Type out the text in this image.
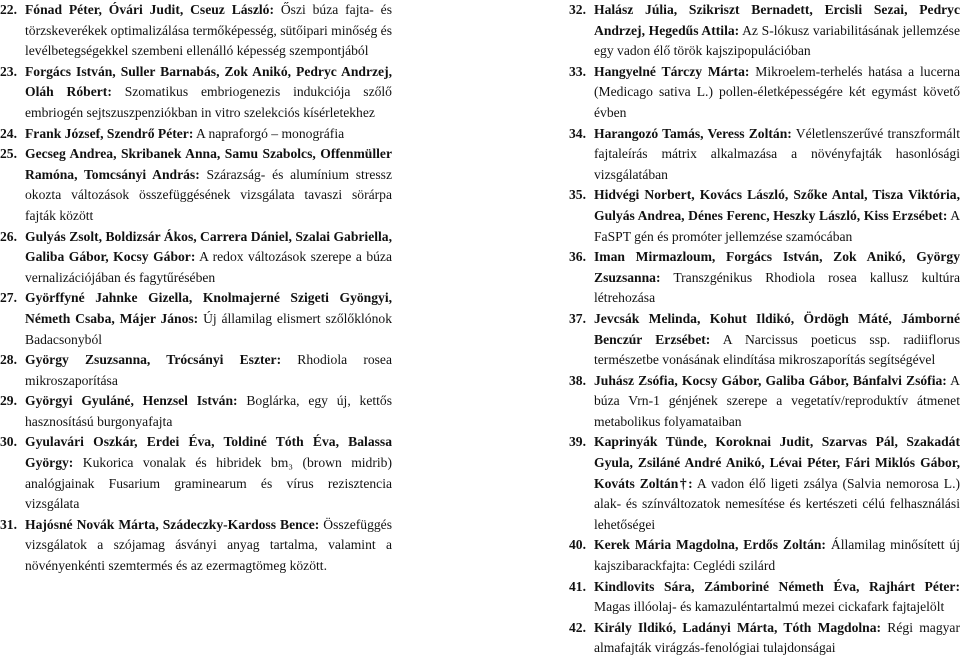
22. Fónad Péter, Óvári Judit, Cseuz László: Őszi búza fajta- és törzskeverékek optimalizálása termőképesség, sütőipari minőség és levélbetegségekkel szembeni ellenálló képesség szempontjából
23. Forgács István, Suller Barnabás, Zok Anikó, Pedryc Andrzej, Oláh Róbert: Szomatikus embriogenezis indukciója szőlő embriogén sejtszuszpenziókban in vitro szelekciós kísérletekhez
24. Frank József, Szendrő Péter: A napraforgó – monográfia
25. Gecseg Andrea, Skribanek Anna, Samu Szabolcs, Offenmüller Ramóna, Tomcsányi András: Szárazság- és alumínium stressz okozta változások összefüggésének vizsgálata tavaszi sörárpa fajták között
26. Gulyás Zsolt, Boldizsár Ákos, Carrera Dániel, Szalai Gabriella, Galiba Gábor, Kocsy Gábor: A redox változások szerepe a búza vernalizációjában és fagytűrésében
27. Györffyné Jahnke Gizella, Knolmajerné Szigeti Gyöngyi, Németh Csaba, Májer János: Új államilag elismert szőlőklónok Badacsonyból
28. György Zsuzsanna, Trócsányi Eszter: Rhodiola rosea mikroszaporítása
29. Györgyi Gyuláné, Henzsel István: Boglárka, egy új, kettős hasznosítású burgonyafajta
30. Gyulavári Oszkár, Erdei Éva, Toldiné Tóth Éva, Balassa György: Kukorica vonalak és hibridek bm₃ (brown midrib) analógjainak Fusarium graminearum és vírus rezisztencia vizsgálata
31. Hajósné Novák Márta, Szádeczky-Kardoss Bence: Összefüggés vizsgálatok a szójamag ásványi anyag tartalma, valamint a növényenkénti szemtermés és az ezermagtömeg között.
32. Halász Júlia, Szikriszt Bernadett, Ercisli Sezai, Pedryc Andrzej, Hegedűs Attila: Az S-lókusz variabilitásának jellemzése egy vadon élő török kajszipopulációban
33. Hangyelné Tárczy Márta: Mikroelem-terhelés hatása a lucerna (Medicago sativa L.) pollen-életképességére két egymást követő évben
34. Harangozó Tamás, Veress Zoltán: Véletlenszerűvé transzformált fajtaleírás mátrix alkalmazása a növényfajták hasonlósági vizsgálatában
35. Hidvégi Norbert, Kovács László, Szőke Antal, Tisza Viktória, Gulyás Andrea, Dénes Ferenc, Heszky László, Kiss Erzsébet: A FaSPT gén és promóter jellemzése szamócában
36. Iman Mirmazloum, Forgács István, Zok Anikó, György Zsuzsanna: Transzgénikus Rhodiola rosea kallusz kultúra létrehozása
37. Jevcsák Melinda, Kohut Ildikó, Ördögh Máté, Jámborné Benczúr Erzsébet: A Narcissus poeticus ssp. radiiflorus természetbe vonásának elindítása mikroszaporítás segítségével
38. Juhász Zsófia, Kocsy Gábor, Galiba Gábor, Bánfalvi Zsófia: A búza Vrn-1 génjének szerepe a vegetatív/reproduktív átmenet metabolikus folyamataiban
39. Kaprinyák Tünde, Koroknai Judit, Szarvas Pál, Szakadát Gyula, Zsiláné André Anikó, Lévai Péter, Fári Miklós Gábor, Kováts Zoltán†: A vadon élő ligeti zsálya (Salvia nemorosa L.) alak- és színváltozatok nemesítése és kertészeti célú felhasználási lehetőségei
40. Kerek Mária Magdolna, Erdős Zoltán: Államilag minősített új kajszibarackfajta: Ceglédi szilárd
41. Kindlovits Sára, Zámboriné Németh Éva, Rajhárt Péter: Magas illóolaj- és kamazuléntartalmú mezei cickafark fajtajelölt
42. Király Ildikó, Ladányi Márta, Tóth Magdolna: Régi magyar almafajták virágzás-fenológiai tulajdonságai
